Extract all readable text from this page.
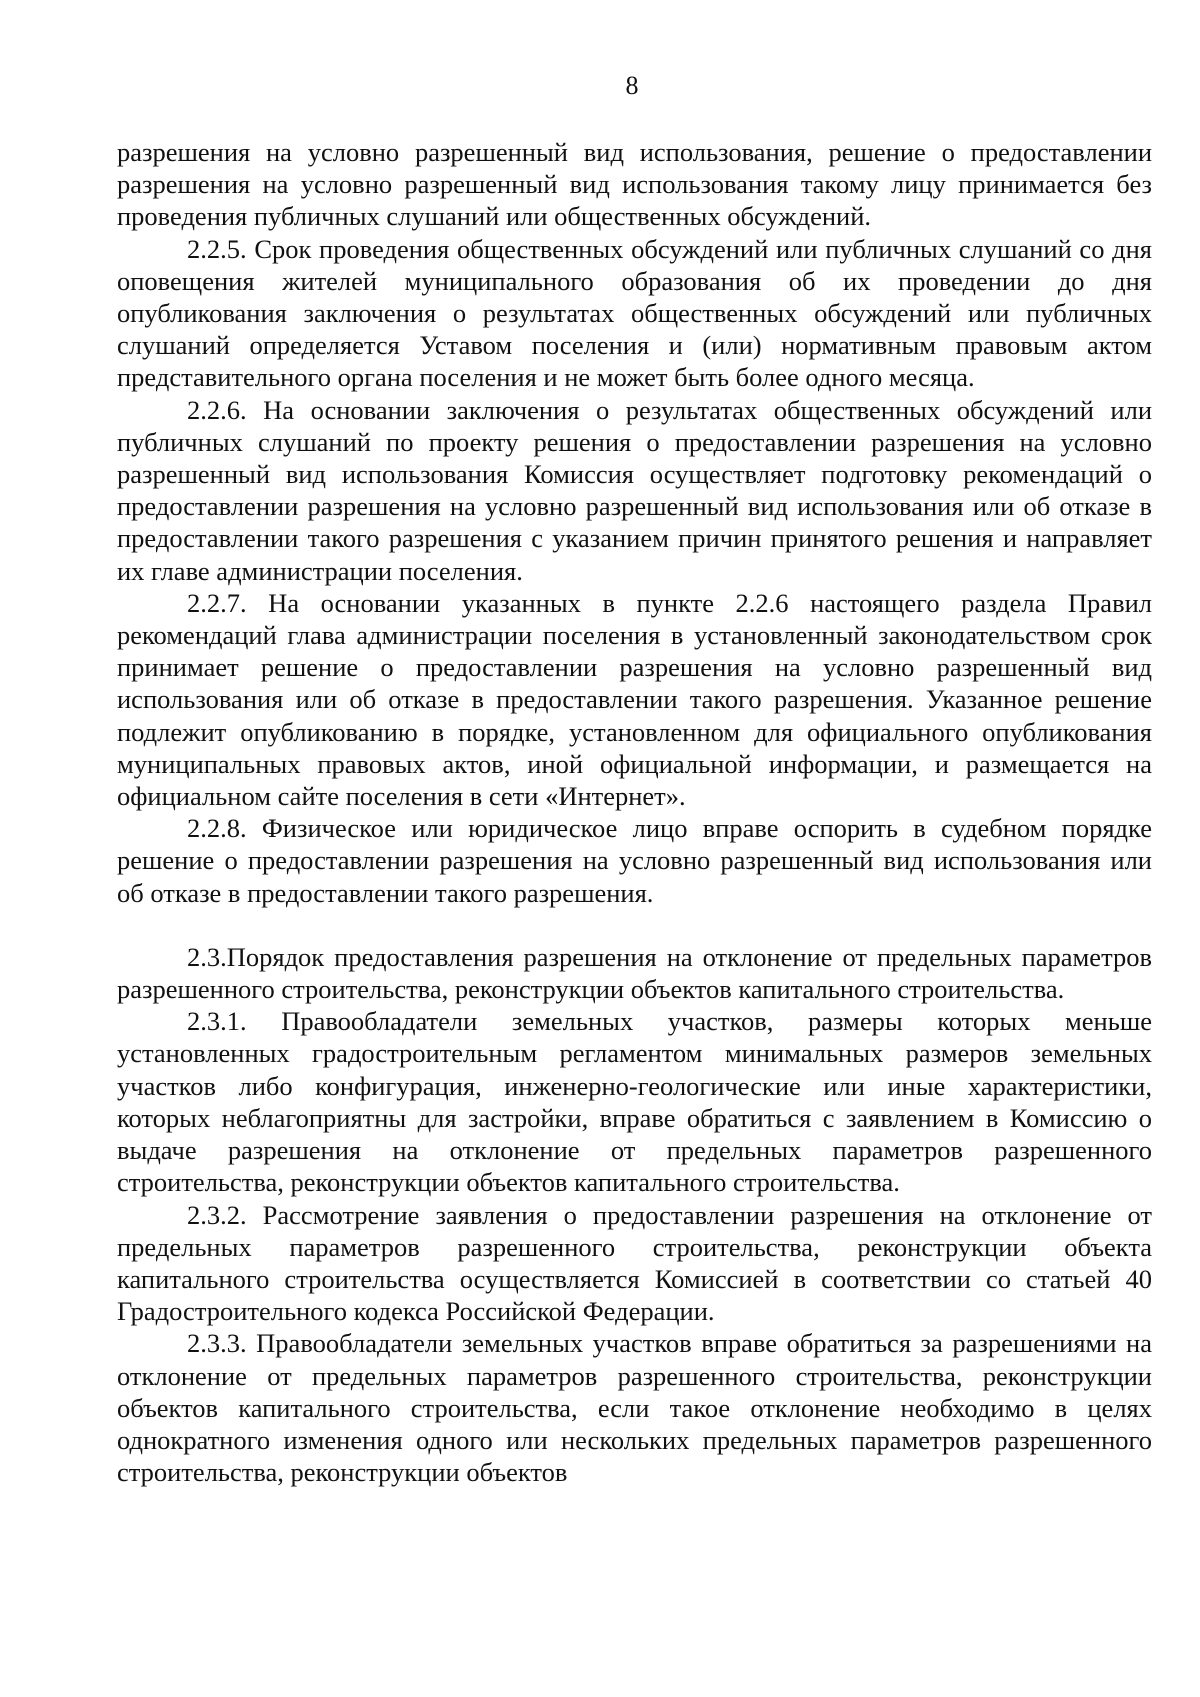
8

разрешения на условно разрешенный вид использования, решение о предоставлении разрешения на условно разрешенный вид использования такому лицу принимается без проведения публичных слушаний или общественных обсуждений.

2.2.5. Срок проведения общественных обсуждений или публичных слушаний со дня оповещения жителей муниципального образования об их проведении до дня опубликования заключения о результатах общественных обсуждений или публичных слушаний определяется Уставом поселения и (или) нормативным правовым актом представительного органа поселения и не может быть более одного месяца.

2.2.6. На основании заключения о результатах общественных обсуждений или публичных слушаний по проекту решения о предоставлении разрешения на условно разрешенный вид использования Комиссия осуществляет подготовку рекомендаций о предоставлении разрешения на условно разрешенный вид использования или об отказе в предоставлении такого разрешения с указанием причин принятого решения и направляет их главе администрации поселения.

2.2.7. На основании указанных в пункте 2.2.6 настоящего раздела Правил рекомендаций глава администрации поселения в установленный законодательством срок принимает решение о предоставлении разрешения на условно разрешенный вид использования или об отказе в предоставлении такого разрешения. Указанное решение подлежит опубликованию в порядке, установленном для официального опубликования муниципальных правовых актов, иной официальной информации, и размещается на официальном сайте поселения в сети «Интернет».

2.2.8. Физическое или юридическое лицо вправе оспорить в судебном порядке решение о предоставлении разрешения на условно разрешенный вид использования или об отказе в предоставлении такого разрешения.

2.3.Порядок предоставления разрешения на отклонение от предельных параметров разрешенного строительства, реконструкции объектов капитального строительства.

2.3.1. Правообладатели земельных участков, размеры которых меньше установленных градостроительным регламентом минимальных размеров земельных участков либо конфигурация, инженерно-геологические или иные характеристики, которых неблагоприятны для застройки, вправе обратиться с заявлением в Комиссию о выдаче разрешения на отклонение от предельных параметров разрешенного строительства, реконструкции объектов капитального строительства.

2.3.2. Рассмотрение заявления о предоставлении разрешения на отклонение от предельных параметров разрешенного строительства, реконструкции объекта капитального строительства осуществляется Комиссией в соответствии со статьей 40 Градостроительного кодекса Российской Федерации.

2.3.3. Правообладатели земельных участков вправе обратиться за разрешениями на отклонение от предельных параметров разрешенного строительства, реконструкции объектов капитального строительства, если такое отклонение необходимо в целях однократного изменения одного или нескольких предельных параметров разрешенного строительства, реконструкции объектов
